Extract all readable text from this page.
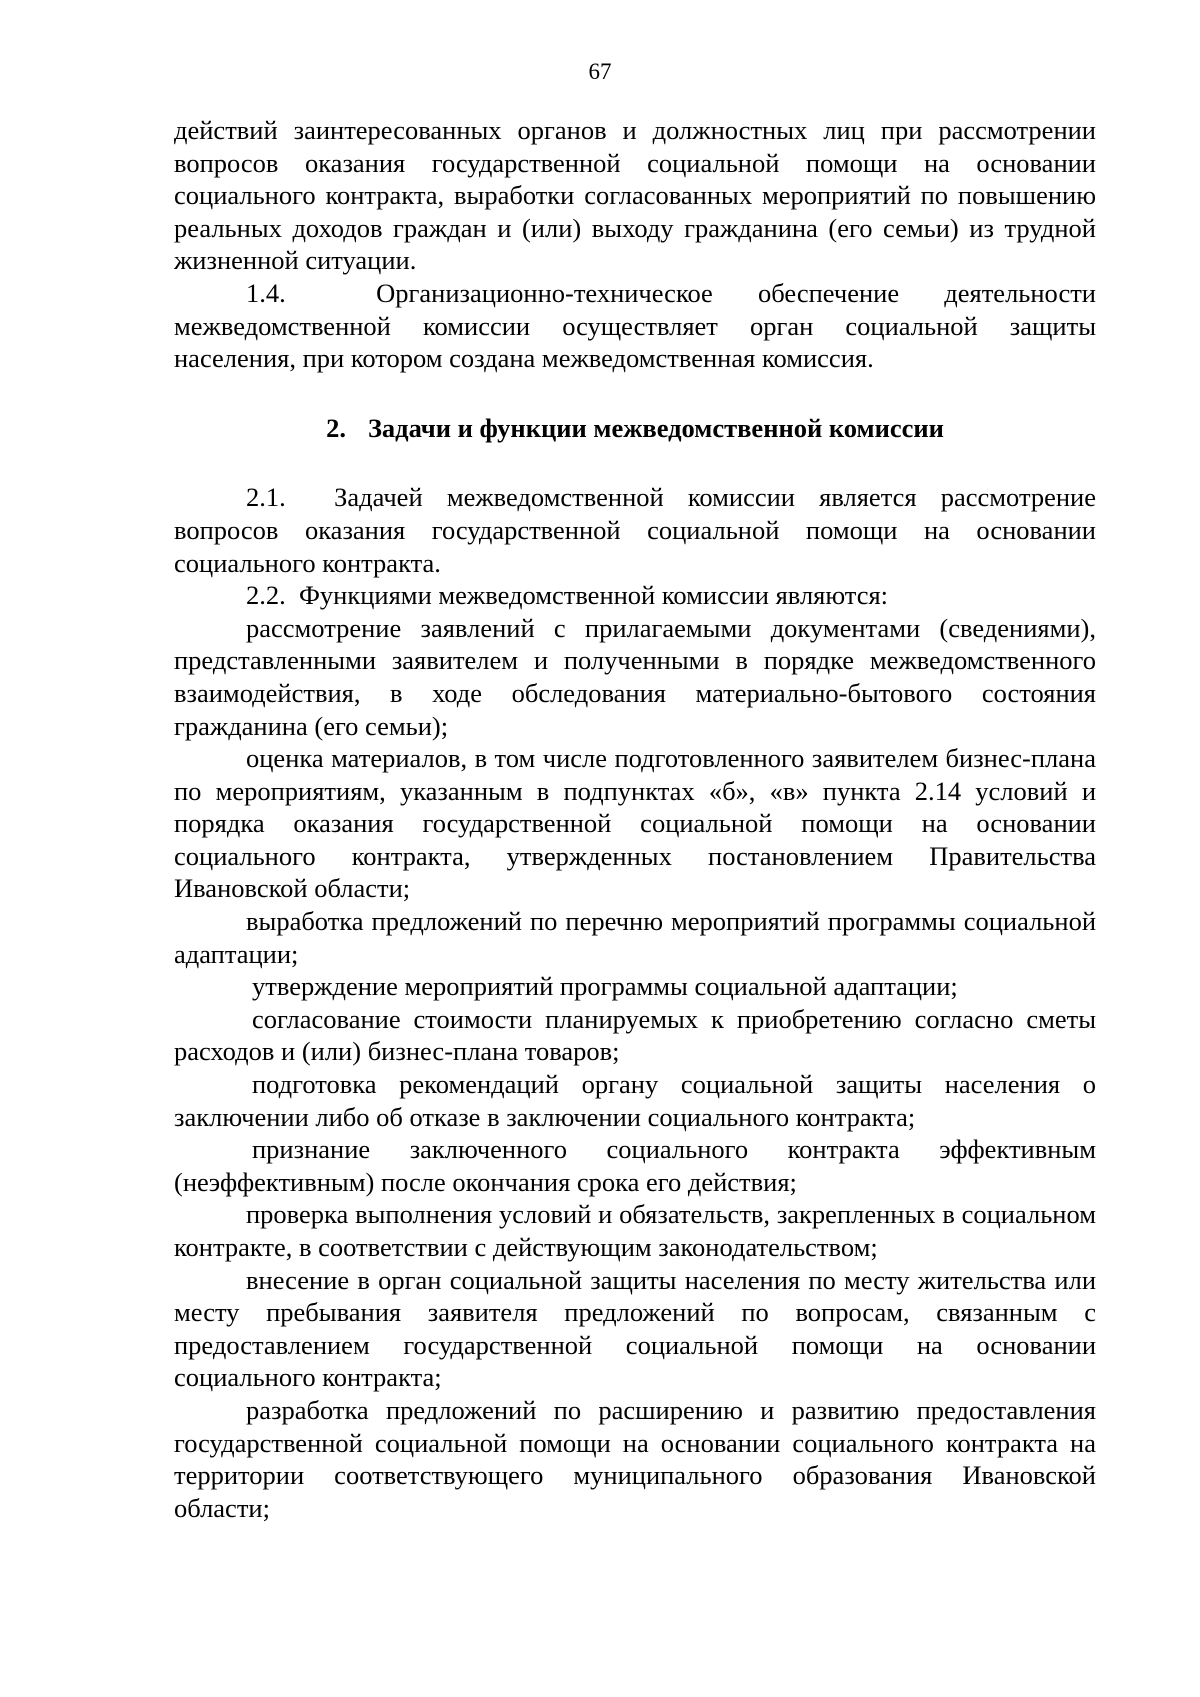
67

действий заинтересованных органов и должностных лиц при рассмотрении вопросов оказания государственной социальной помощи на основании социального контракта, выработки согласованных мероприятий по повышению реальных доходов граждан и (или) выходу гражданина (его семьи) из трудной жизненной ситуации.

1.4.  Организационно-техническое обеспечение деятельности межведомственной комиссии осуществляет орган социальной защиты населения, при котором создана межведомственная комиссия.

2. Задачи и функции межведомственной комиссии

2.1.  Задачей межведомственной комиссии является рассмотрение вопросов оказания государственной социальной помощи на основании социального контракта.

2.2.  Функциями межведомственной комиссии являются:

рассмотрение заявлений с прилагаемыми документами (сведениями), представленными заявителем и полученными в порядке межведомственного взаимодействия, в ходе обследования материально-бытового состояния гражданина (его семьи);

оценка материалов, в том числе подготовленного заявителем бизнес-плана по мероприятиям, указанным в подпунктах «б», «в» пункта 2.14 условий и порядка оказания государственной социальной помощи на основании социального контракта, утвержденных постановлением Правительства Ивановской области;

выработка предложений по перечню мероприятий программы социальной адаптации;

утверждение мероприятий программы социальной адаптации;

согласование стоимости планируемых к приобретению согласно сметы расходов и (или) бизнес-плана товаров;

подготовка рекомендаций органу социальной защиты населения о заключении либо об отказе в заключении социального контракта;

признание заключенного социального контракта эффективным (неэффективным) после окончания срока его действия;

проверка выполнения условий и обязательств, закрепленных в социальном контракте, в соответствии с действующим законодательством;

внесение в орган социальной защиты населения по месту жительства или месту пребывания заявителя предложений по вопросам, связанным с предоставлением государственной социальной помощи на основании социального контракта;

разработка предложений по расширению и развитию предоставления государственной социальной помощи на основании социального контракта на территории соответствующего муниципального образования Ивановской области;
